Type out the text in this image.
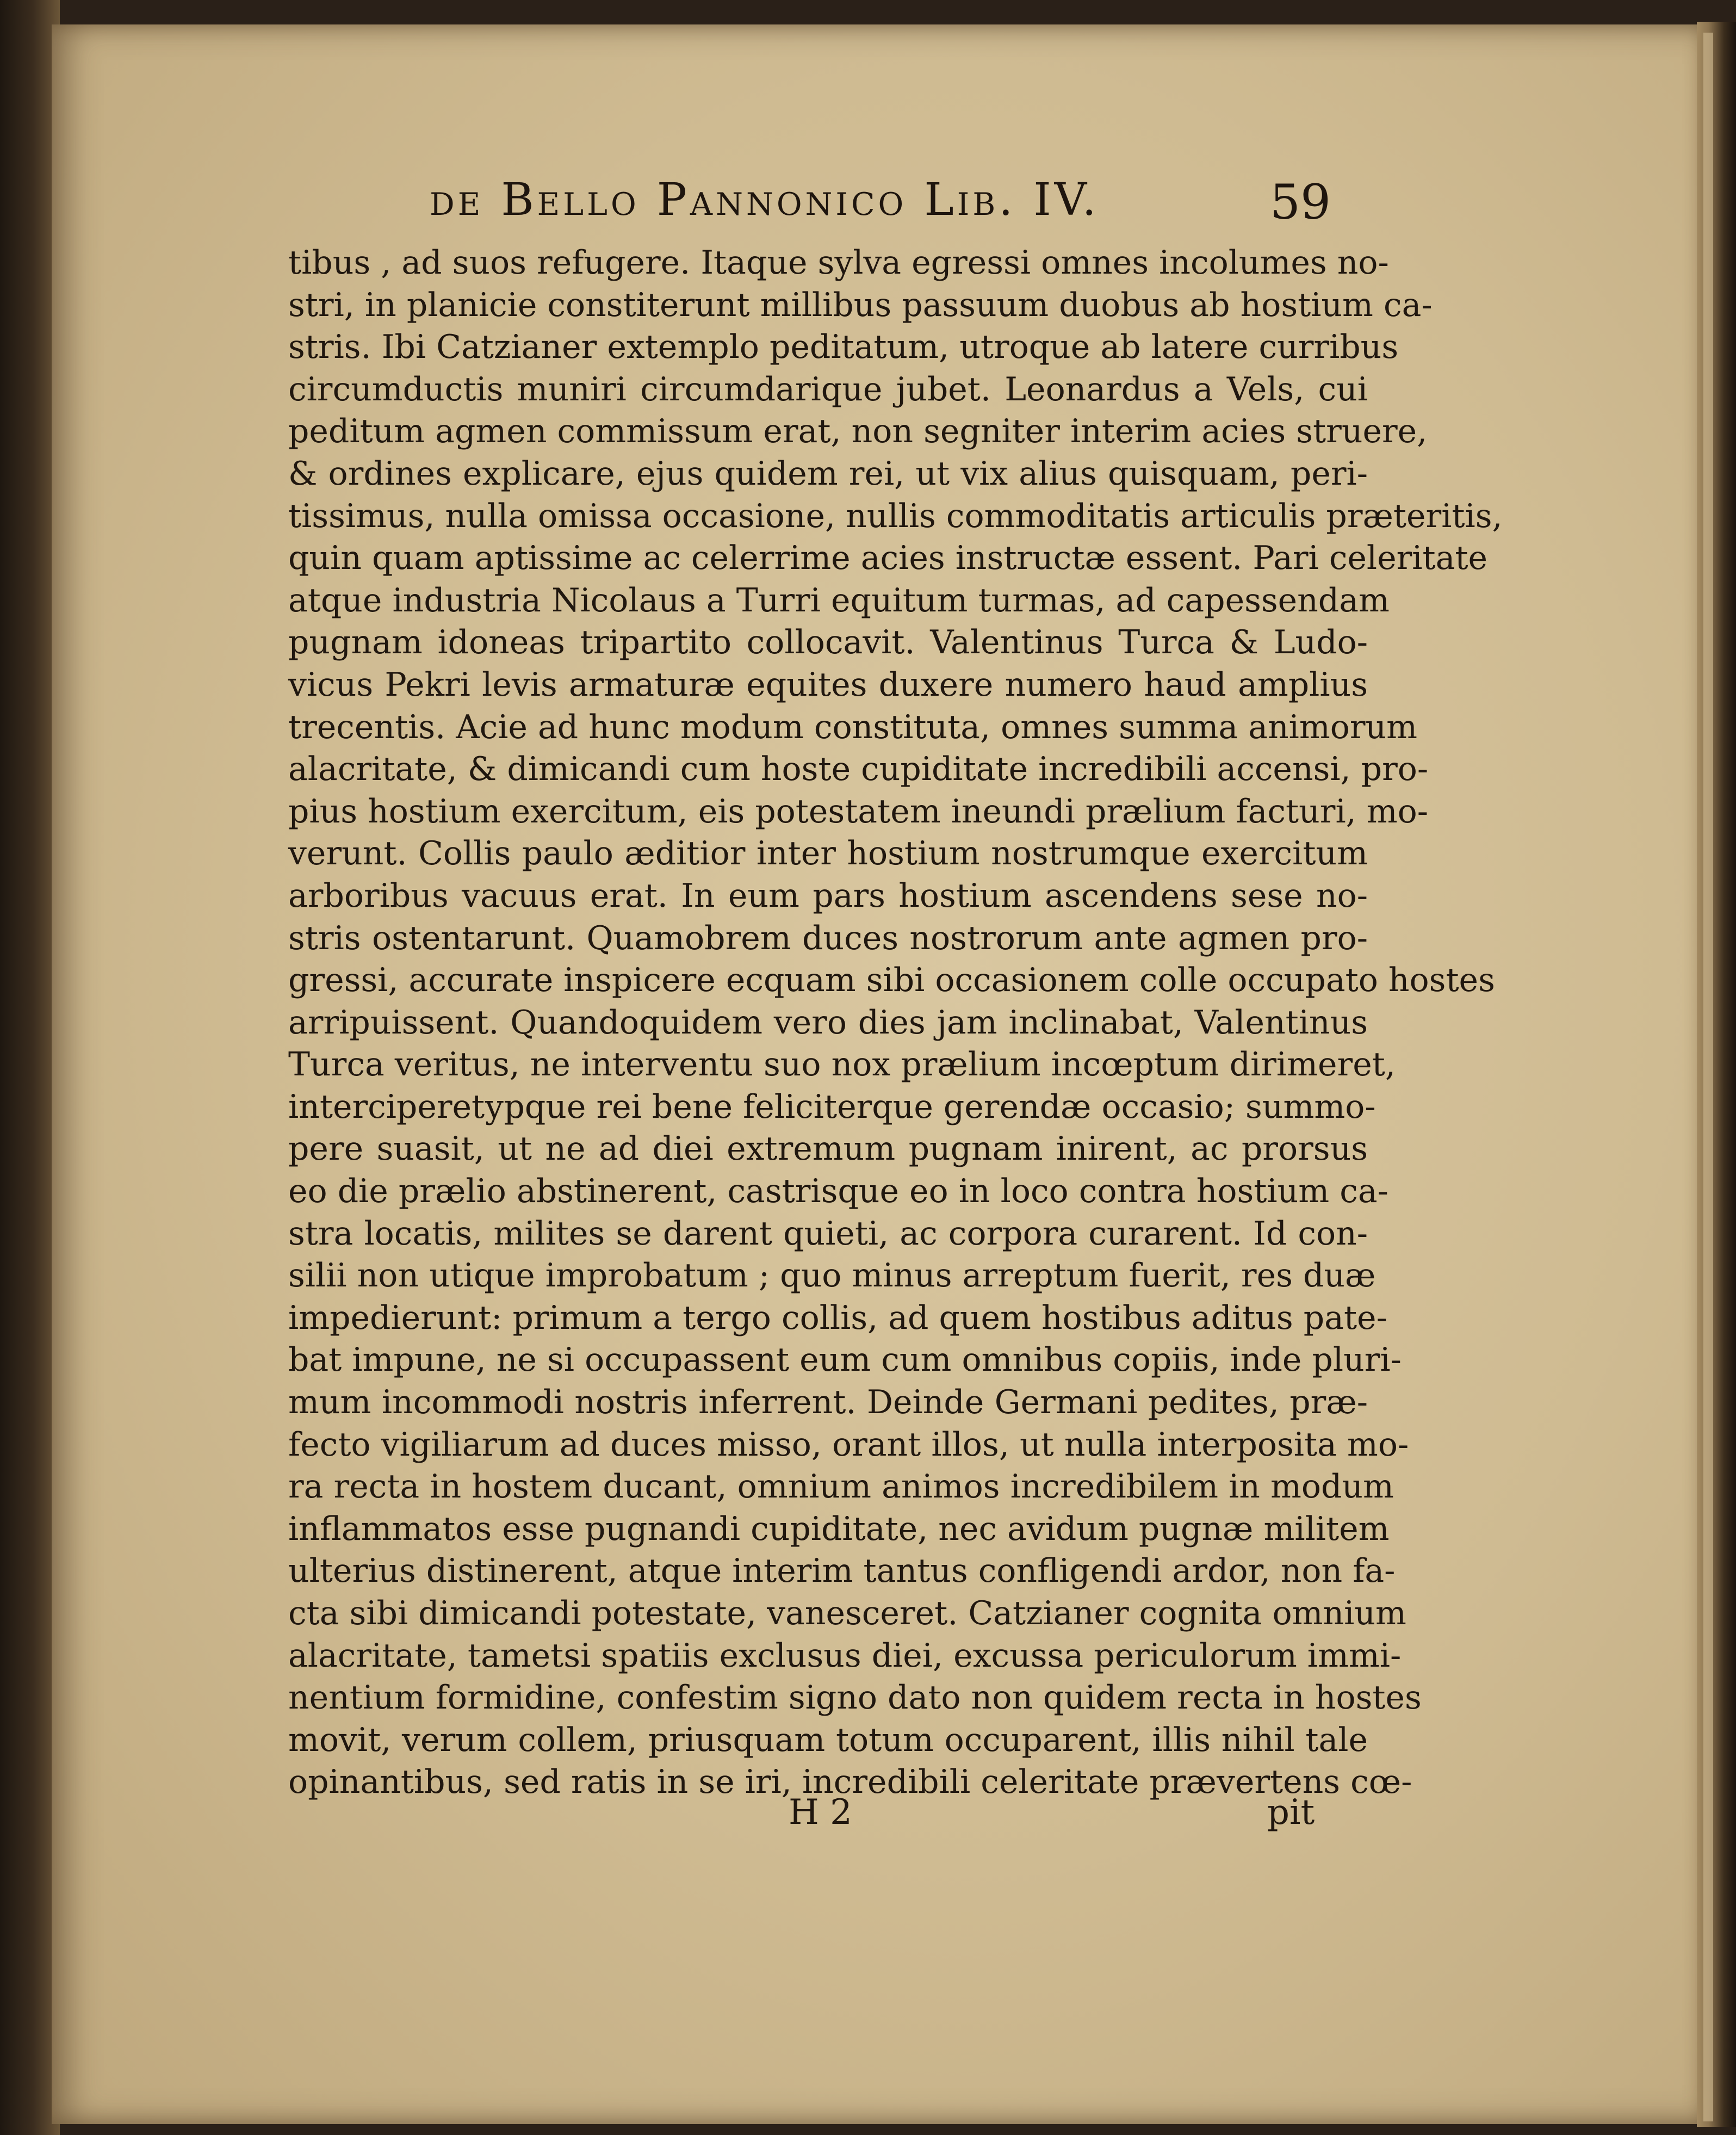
de Bello Pannonico Lib. IV.	59
tibus , ad suos refugere. Itaque sylva egressi omnes incolumes no-
stri, in planicie constiterunt millibus passuum duobus ab hostium ca-
stris. Ibi Catzianer extemplo peditatum, utroque ab latere curribus
circumductis muniri circumdarique jubet. Leonardus a Vels, cui
peditum agmen commissum erat, non segniter interim acies struere,
& ordines explicare, ejus quidem rei, ut vix alius quisquam, peri-
tissimus, nulla omissa occasione, nullis commoditatis articulis præteritis,
quin quam aptissime ac celerrime acies instructæ essent. Pari celeritate
atque industria Nicolaus a Turri equitum turmas, ad capessendam
pugnam idoneas tripartito collocavit. Valentinus Turca & Ludo-
vicus Pekri levis armaturæ equites duxere numero haud amplius
trecentis. Acie ad hunc modum constituta, omnes summa animorum
alacritate, & dimicandi cum hoste cupiditate incredibili accensi, pro-
pius hostium exercitum, eis potestatem ineundi prælium facturi, mo-
verunt. Collis paulo æditior inter hostium nostrumque exercitum
arboribus vacuus erat. In eum pars hostium ascendens sese no-
stris ostentarunt. Quamobrem duces nostrorum ante agmen pro-
gressi, accurate inspicere ecquam sibi occasionem colle occupato hostes
arripuissent. Quandoquidem vero dies jam inclinabat, Valentinus
Turca veritus, ne interventu suo nox prælium incœptum dirimeret,
interciperetурque rei bene feliciterque gerendæ occasio; summo-
pere suasit, ut ne ad diei extremum pugnam inirent, ac prorsus
eo die prælio abstinerent, castrisque eo in loco contra hostium ca-
stra locatis, milites se darent quieti, ac corpora curarent. Id con-
silii non utique improbatum ; quo minus arreptum fuerit, res duæ
impedierunt: primum a tergo collis, ad quem hostibus aditus pate-
bat impune, ne si occupassent eum cum omnibus copiis, inde pluri-
mum incommodi nostris inferrent. Deinde Germani pedites, præ-
fecto vigiliarum ad duces misso, orant illos, ut nulla interposita mo-
ra recta in hostem ducant, omnium animos incredibilem in modum
inflammatos esse pugnandi cupiditate, nec avidum pugnæ militem
ulterius distinerent, atque interim tantus confligendi ardor, non fa-
cta sibi dimicandi potestate, vanesceret. Catzianer cognita omnium
alacritate, tametsi spatiis exclusus diei, excussa periculorum immi-
nentium formidine, confestim signo dato non quidem recta in hostes
movit, verum collem, priusquam totum occuparent, illis nihil tale
opinantibus, sed ratis in se iri, incredibili celeritate prævertens cœ-
H 2	pit
